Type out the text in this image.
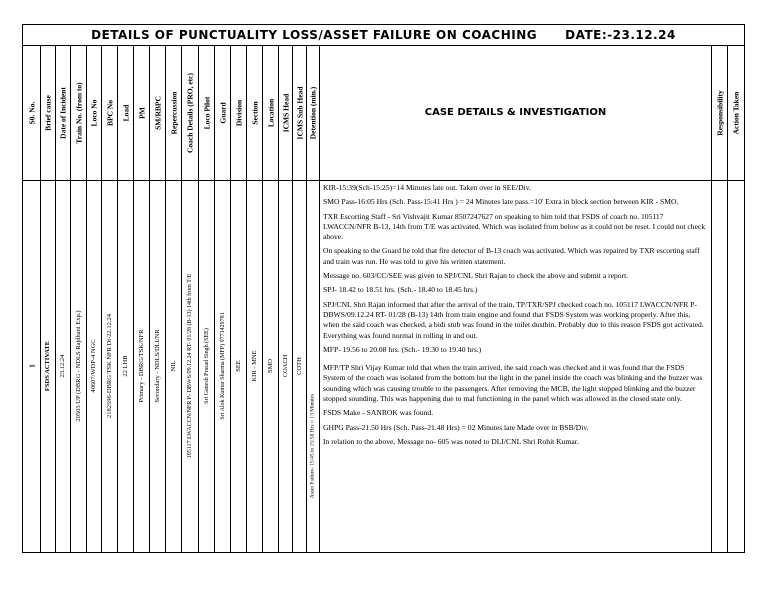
DETAILS OF PUNCTUALITY LOSS/ASSET FAILURE ON COACHING DATE:-23.12.24
S0. No.
1
Brief cause
FSDS ACTIVATE
Date of Incident
23.12.24
Train No. (from to)
20503 UP (DBRG - NDLS Rajdhani Exp.)
Loco No
40607/WDP-4 NGC
BPC No
2182596-DBRG TSK NFR Dt-22.12.24
Load
22 LHB
PM
Primary - DBRG/TSK/NFR
SM/RBPC
Secondary - NDLS/DLI/NR
Repercussion
NIL
Coach Details (PRO, etc)
105117 LWACCN/NFR P- DBWS/09.12.24 RT- 01/28 (B-13) 14th from T/E
Loco Pilot
Sri Ganesh Prasad Singh (SEE)
Guard
Sri Alok Kumar Sharma (MFP) 9771429781
Division
SEE
Section
KIR - MNE
Location
SMO
ICMS Head
COACH
ICMS Sub Head
COTH
Detention (min.)
Asset Failure- 15:45 to 15:58 Hrs = 13 Minutes
CASE DETAILS & INVESTIGATION

KIR-15:39(Sch-15:25)=14 Minutes late out. Taken over in SEE/Div.

SMO Pass-16:05 Hrs (Sch. Pass-15:41 Hrs ) = 24 Minutes late pass.=10' Extra in block section between KIR - SMO.

TXR Escorting Staff - Sri Vishvajit Kumar 8507247627 on speaking to him told that FSDS of coach no. 105117 LWACCN/NFR B-13, 14th from T/E was activated. Which was isolated from below as it could not be reset. I could not check above.

On speaking to the Guard he told that fire detector of B-13 coach was activated. Which was repaired by TXR escorting staff and train was run. He was told to give his written statement.

Message no. 603/CC/SEE was given to SPJ/CNL Shri Rajan to check the above and submit a report.

SPJ- 18.42 to 18.51 hrs. (Sch.- 18.40 to 18.45 hrs.)

SPJ/CNL Shri Rajan informed that after the arrival of the train, TP/TXR/SPJ checked coach no. 105117 LWACCN/NFR P- DBWS/09.12.24 RT- 01/28 (B-13) 14th from train engine and found that FSDS System was working properly. After this, when the said coach was checked, a bidi stub was found in the toilet dustbin. Probably due to this reason FSDS got activated. Everything was found normal in rolling in and out.

MFP- 19.56 to 20.08 hrs. (Sch.- 19.30 to 19.40 hrs.)

MFP/TP Shri Vijay Kumar told that when the train arrived, the said coach was checked and it was found that the FSDS System of the coach was isolated from the bottom but the light in the panel inside the coach was blinking and the buzzer was sounding which was causing trouble to the passengers. After removing the MCB, the light stopped blinking and the buzzer stopped sounding. This was happening due to mal functioning in the panel which was allowed in the closed state only.

FSDS Make - SANROK was found.

GHPG Pass-21.50 Hrs (Sch. Pass-21.48 Hrs) = 02 Minutes late Made over in BSB/Div.

In relation to the above, Message no- 605 was noted to DLI/CNL Shri Rohit Kumar.

Responsibility Action Taken
